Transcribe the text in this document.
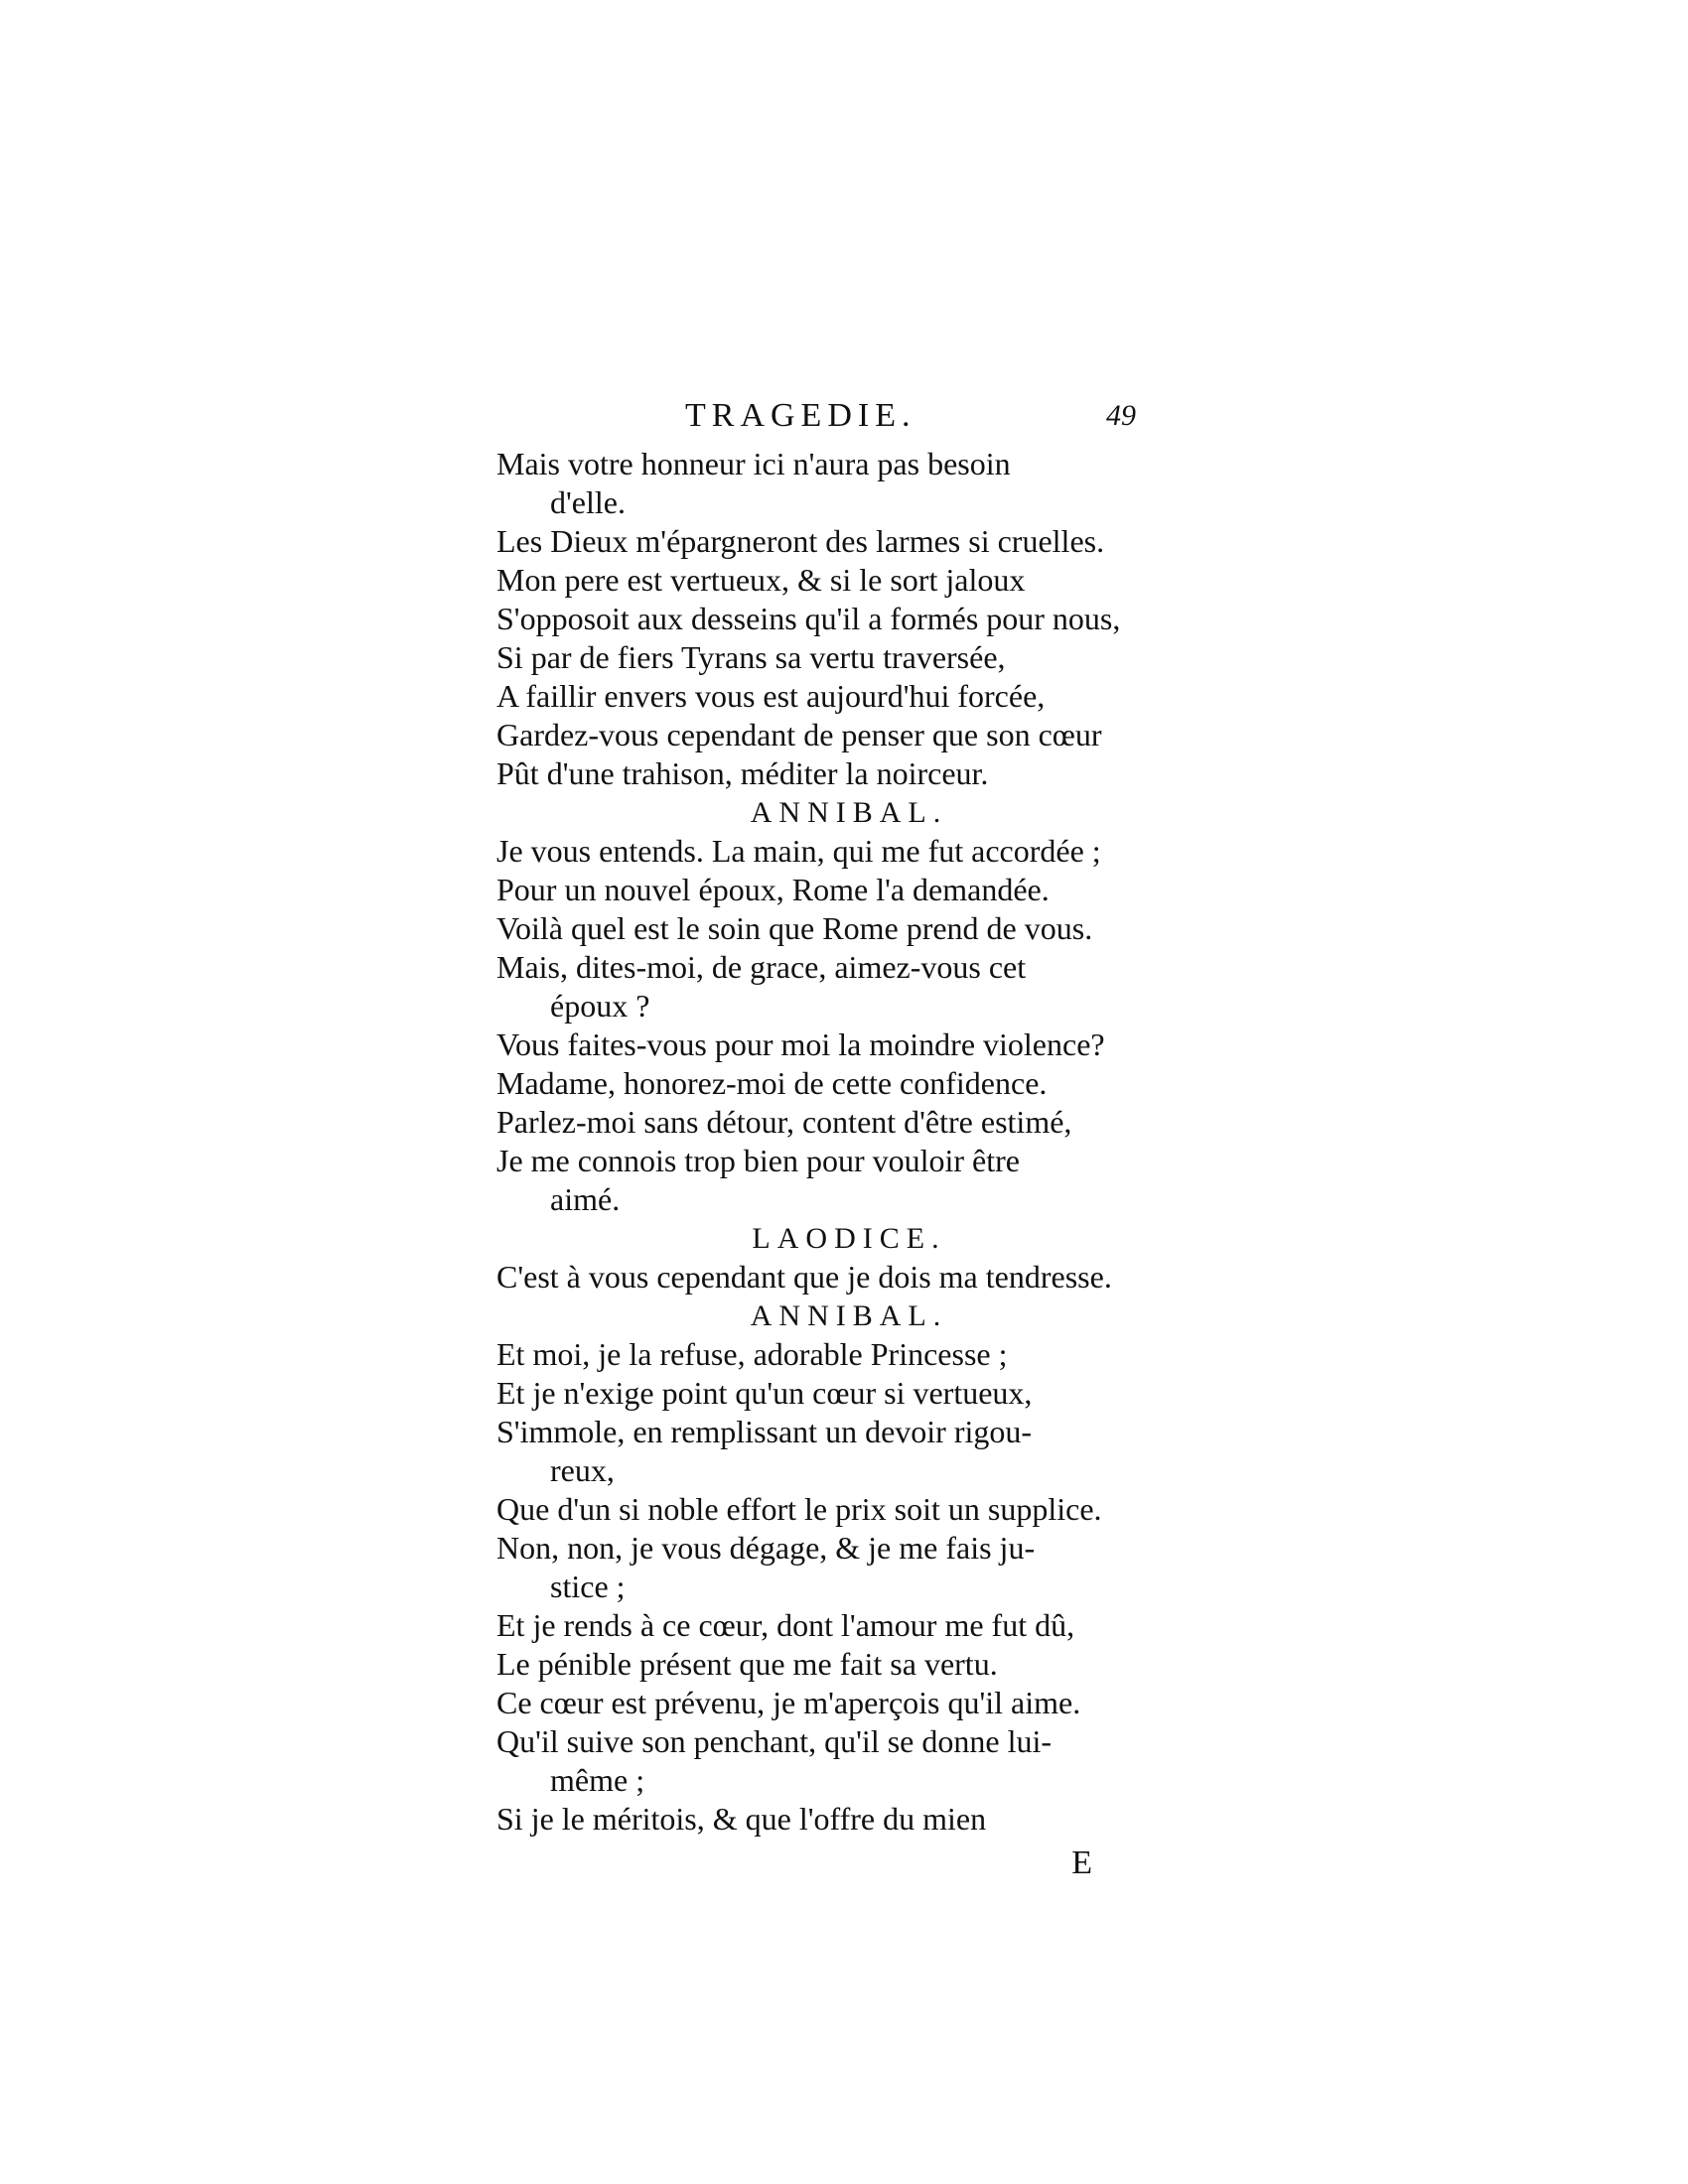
TRAGEDIE.	49
Mais votre honneur ici n'aura pas besoin
d'elle.
Les Dieux m'épargneront des larmes si cruelles.
Mon pere est vertueux, & si le sort jaloux
S'opposoit aux desseins qu'il a formés pour nous,
Si par de fiers Tyrans sa vertu traversée,
A faillir envers vous est aujourd'hui forcée,
Gardez-vous cependant de penser que son cœur
Pût d'une trahison, méditer la noirceur.
ANNIBAL.
Je vous entends. La main, qui me fut accordée ;
Pour un nouvel époux, Rome l'a demandée.
Voilà quel est le soin que Rome prend de vous.
Mais, dites-moi, de grace, aimez-vous cet
époux ?
Vous faites-vous pour moi la moindre violence?
Madame, honorez-moi de cette confidence.
Parlez-moi sans détour, content d'être estimé,
Je me connois trop bien pour vouloir être
aimé.
LAODICE.
C'est à vous cependant que je dois ma tendresse.
ANNIBAL.
Et moi, je la refuse, adorable Princesse ;
Et je n'exige point qu'un cœur si vertueux,
S'immole, en remplissant un devoir rigou-
reux,
Que d'un si noble effort le prix soit un supplice.
Non, non, je vous dégage, & je me fais ju-
stice ;
Et je rends à ce cœur, dont l'amour me fut dû,
Le pénible présent que me fait sa vertu.
Ce cœur est prévenu, je m'aperçois qu'il aime.
Qu'il suive son penchant, qu'il se donne lui-
même ;
Si je le méritois, & que l'offre du mien
E
